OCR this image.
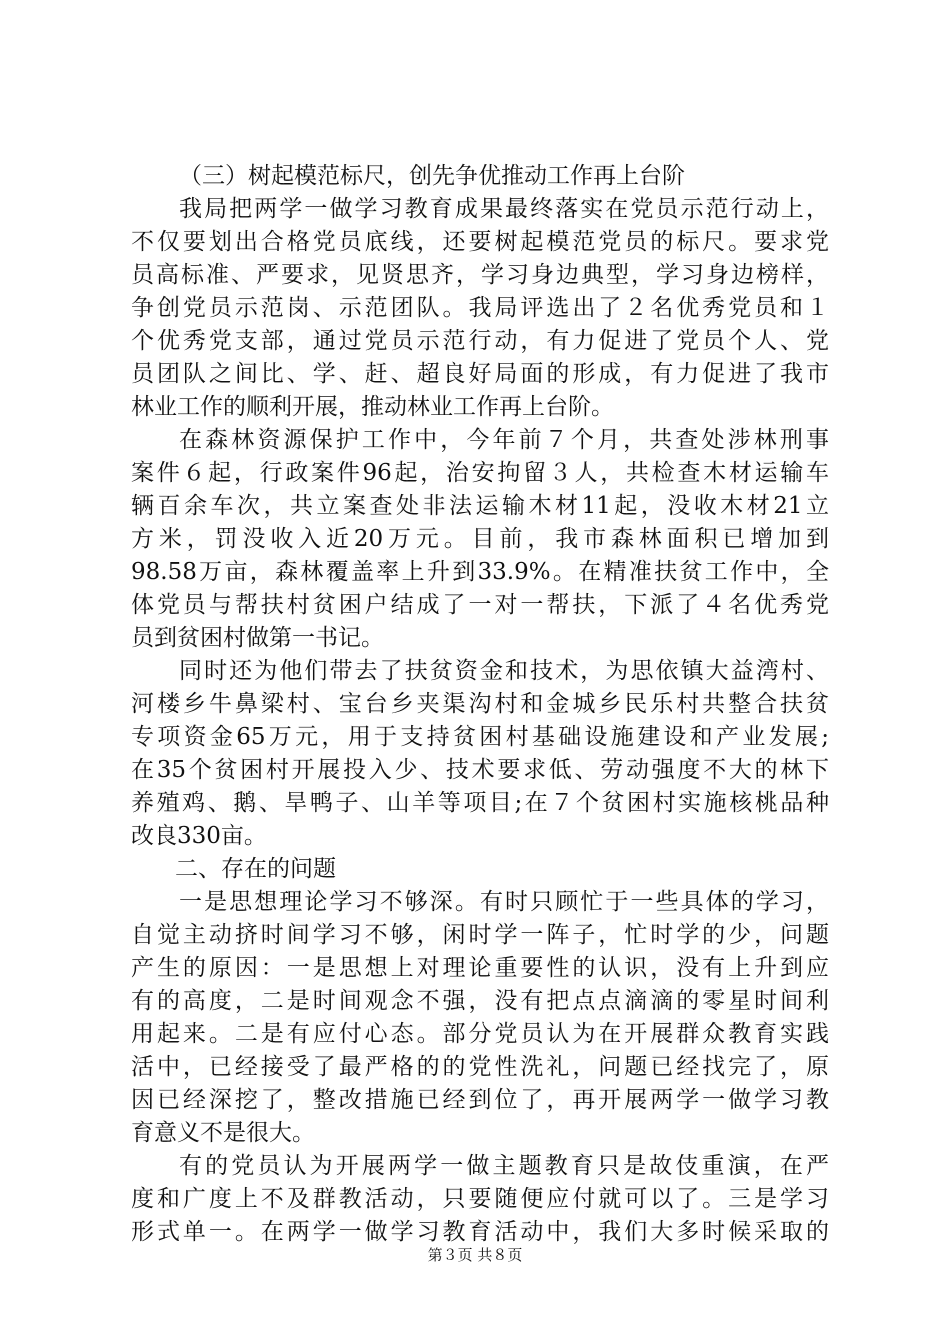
（三）树起模范标尺，创先争优推动工作再上台阶
我局把两学一做学习教育成果最终落实在党员示范行动上，
不仅要划出合格党员底线，还要树起模范党员的标尺。要求党
员高标准、严要求，见贤思齐，学习身边典型，学习身边榜样，
争创党员示范岗、示范团队。我局评选出了２名优秀党员和１
个优秀党支部，通过党员示范行动，有力促进了党员个人、党
员团队之间比、学、赶、超良好局面的形成，有力促进了我市
林业工作的顺利开展，推动林业工作再上台阶。
在森林资源保护工作中，今年前７个月，共查处涉林刑事
案件６起，行政案件96起，治安拘留３人，共检查木材运输车
辆百余车次，共立案查处非法运输木材11起，没收木材21立
方米，罚没收入近20万元。目前，我市森林面积已增加到
98.58万亩，森林覆盖率上升到33.9%。在精准扶贫工作中，全
体党员与帮扶村贫困户结成了一对一帮扶，下派了４名优秀党
员到贫困村做第一书记。
同时还为他们带去了扶贫资金和技术，为思依镇大益湾村、
河楼乡牛鼻梁村、宝台乡夹渠沟村和金城乡民乐村共整合扶贫
专项资金65万元，用于支持贫困村基础设施建设和产业发展;
在35个贫困村开展投入少、技术要求低、劳动强度不大的林下
养殖鸡、鹅、旱鸭子、山羊等项目;在７个贫困村实施核桃品种
改良330亩。
二、存在的问题
一是思想理论学习不够深。有时只顾忙于一些具体的学习，
自觉主动挤时间学习不够，闲时学一阵子，忙时学的少，问题
产生的原因：一是思想上对理论重要性的认识，没有上升到应
有的高度，二是时间观念不强，没有把点点滴滴的零星时间利
用起来。二是有应付心态。部分党员认为在开展群众教育实践
活中，已经接受了最严格的的党性洗礼，问题已经找完了，原
因已经深挖了，整改措施已经到位了，再开展两学一做学习教
育意义不是很大。
有的党员认为开展两学一做主题教育只是故伎重演，在严
度和广度上不及群教活动，只要随便应付就可以了。三是学习
形式单一。在两学一做学习教育活动中，我们大多时候采取的
第３页 共８页
